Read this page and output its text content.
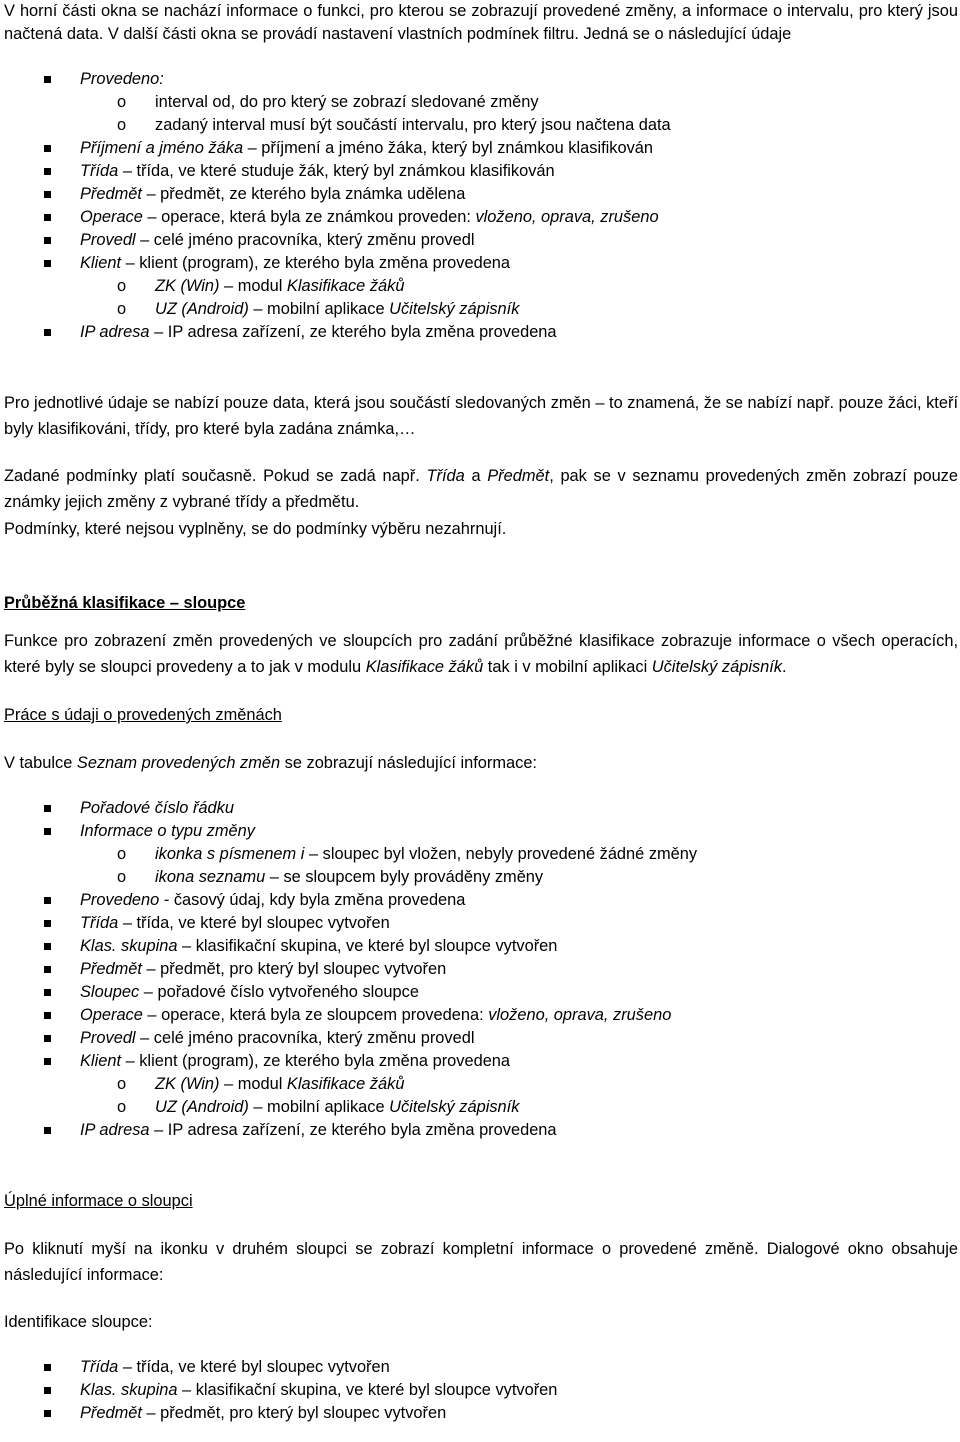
V horní části okna se nachází informace o funkci, pro kterou se zobrazují provedené změny, a informace o intervalu, pro který jsou načtená data. V další části okna se provádí nastavení vlastních podmínek filtru. Jedná se o následující údaje

Provedeno:
o interval od, do pro který se zobrazí sledované změny
o zadaný interval musí být součástí intervalu, pro který jsou načtena data
Příjmení a jméno žáka – příjmení a jméno žáka, který byl známkou klasifikován
Třída – třída, ve které studuje žák, který byl známkou klasifikován
Předmět – předmět, ze kterého byla známka udělena
Operace – operace, která byla ze známkou proveden: vloženo, oprava, zrušeno
Provedl – celé jméno pracovníka, který změnu provedl
Klient – klient (program), ze kterého byla změna provedena
o ZK (Win) – modul Klasifikace žáků
o UZ (Android) – mobilní aplikace Učitelský zápisník
IP adresa – IP adresa zařízení, ze kterého byla změna provedena

Pro jednotlivé údaje se nabízí pouze data, která jsou součástí sledovaných změn – to znamená, že se nabízí např. pouze žáci, kteří byly klasifikováni, třídy, pro které byla zadána známka,…

Zadané podmínky platí současně. Pokud se zadá např. Třída a Předmět, pak se v seznamu provedených změn zobrazí pouze známky jejich změny z vybrané třídy a předmětu.

Podmínky, které nejsou vyplněny, se do podmínky výběru nezahrnují.

Průběžná klasifikace – sloupce

Funkce pro zobrazení změn provedených ve sloupcích pro zadání průběžné klasifikace zobrazuje informace o všech operacích, které byly se sloupci provedeny a to jak v modulu Klasifikace žáků tak i v mobilní aplikaci Učitelský zápisník.

Práce s údaji o provedených změnách

V tabulce Seznam provedených změn se zobrazují následující informace:

Pořadové číslo řádku
Informace o typu změny
o ikonka s písmenem i – sloupec byl vložen, nebyly provedené žádné změny
o ikona seznamu – se sloupcem byly prováděny změny
Provedeno - časový údaj, kdy byla změna provedena
Třída – třída, ve které byl sloupec vytvořen
Klas. skupina – klasifikační skupina, ve které byl sloupce vytvořen
Předmět – předmět, pro který byl sloupec vytvořen
Sloupec – pořadové číslo vytvořeného sloupce
Operace – operace, která byla ze sloupcem provedena: vloženo, oprava, zrušeno
Provedl – celé jméno pracovníka, který změnu provedl
Klient – klient (program), ze kterého byla změna provedena
o ZK (Win) – modul Klasifikace žáků
o UZ (Android) – mobilní aplikace Učitelský zápisník
IP adresa – IP adresa zařízení, ze kterého byla změna provedena

Úplné informace o sloupci

Po kliknutí myší na ikonku v druhém sloupci se zobrazí kompletní informace o provedené změně. Dialogové okno obsahuje následující informace:

Identifikace sloupce:

Třída – třída, ve které byl sloupec vytvořen
Klas. skupina – klasifikační skupina, ve které byl sloupce vytvořen
Předmět – předmět, pro který byl sloupec vytvořen
